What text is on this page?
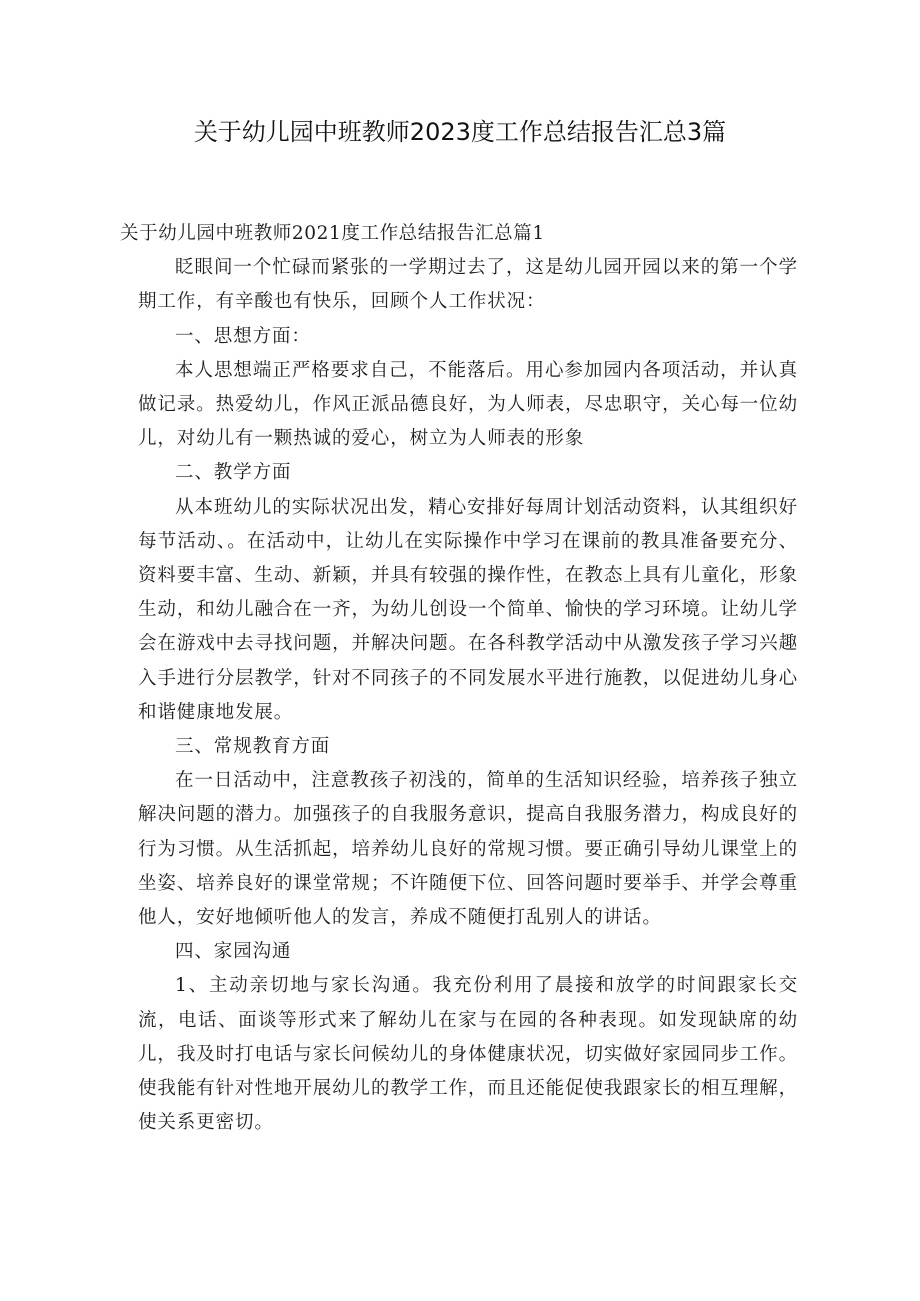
关于幼儿园中班教师2023度工作总结报告汇总3篇

关于幼儿园中班教师2021度工作总结报告汇总篇1

眨眼间一个忙碌而紧张的一学期过去了，这是幼儿园开园以来的第一个学期工作，有辛酸也有快乐，回顾个人工作状况：

一、思想方面：

本人思想端正严格要求自己，不能落后。用心参加园内各项活动，并认真做记录。热爱幼儿，作风正派品德良好，为人师表，尽忠职守，关心每一位幼儿，对幼儿有一颗热诚的爱心，树立为人师表的形象

二、教学方面

从本班幼儿的实际状况出发，精心安排好每周计划活动资料，认其组织好每节活动、。在活动中，让幼儿在实际操作中学习在课前的教具准备要充分、资料要丰富、生动、新颖，并具有较强的操作性，在教态上具有儿童化，形象生动，和幼儿融合在一齐，为幼儿创设一个简单、愉快的学习环境。让幼儿学会在游戏中去寻找问题，并解决问题。在各科教学活动中从激发孩子学习兴趣入手进行分层教学，针对不同孩子的不同发展水平进行施教，以促进幼儿身心和谐健康地发展。

三、常规教育方面

在一日活动中，注意教孩子初浅的，简单的生活知识经验，培养孩子独立解决问题的潜力。加强孩子的自我服务意识，提高自我服务潜力，构成良好的行为习惯。从生活抓起，培养幼儿良好的常规习惯。要正确引导幼儿课堂上的坐姿、培养良好的课堂常规；不许随便下位、回答问题时要举手、并学会尊重他人，安好地倾听他人的发言，养成不随便打乱别人的讲话。

四、家园沟通

1、主动亲切地与家长沟通。我充份利用了晨接和放学的时间跟家长交流，电话、面谈等形式来了解幼儿在家与在园的各种表现。如发现缺席的幼儿，我及时打电话与家长问候幼儿的身体健康状况，切实做好家园同步工作。使我能有针对性地开展幼儿的教学工作，而且还能促使我跟家长的相互理解，使关系更密切。
